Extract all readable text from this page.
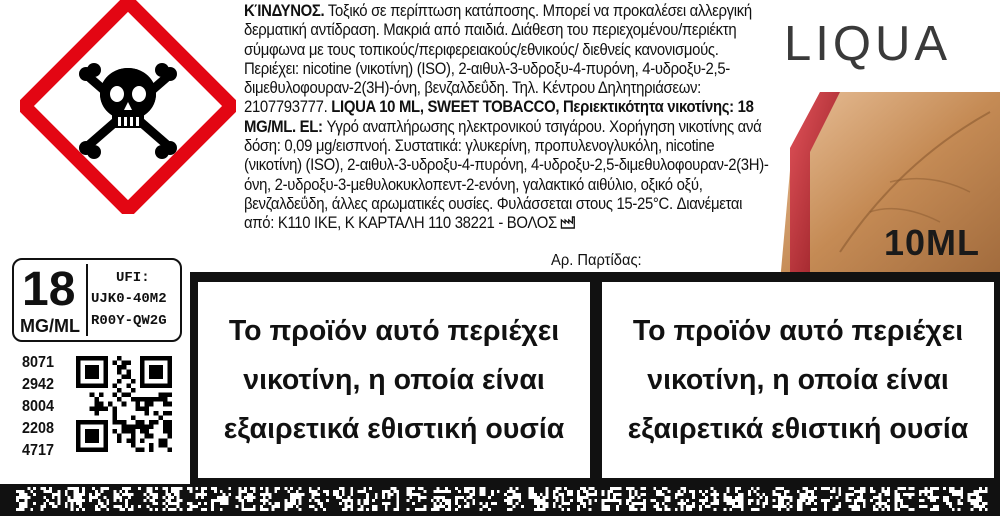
ΚΊΝΔΥΝΟΣ. Τοξικό σε περίπτωση κατάποσης. Μπορεί να προκαλέσει αλλεργική δερματική αντίδραση. Μακριά από παιδιά. Διάθεση του περιεχομένου/περιέκτη σύμφωνα με τους τοπικούς/περιφερειακούς/εθνικούς/ διεθνείς κανονισμούς. Περιέχει: nicotine (νικοτίνη) (ISO), 2-αιθυλ-3-υδροξυ-4-πυρόνη, 4-υδροξυ-2,5-διμεθυλοφουραν-2(3H)-όνη, βενζαλδεΰδη. Τηλ. Κέντρου Δηλητηριάσεων: 2107793777. LIQUA 10 ML, SWEET TOBACCO, Περιεκτικότητα νικοτίνης: 18 MG/ML. EL: Υγρό αναπλήρωσης ηλεκτρονικού τσιγάρου. Χορήγηση νικοτίνης ανά δόση: 0,09 μg/εισπνοή. Συστατικά: γλυκερίνη, προπυλενογλυκόλη, nicotine (νικοτίνη) (ISO), 2-αιθυλ-3-υδροξυ-4-πυρόνη, 4-υδροξυ-2,5-διμεθυλοφουραν-2(3H)-όνη, 2-υδροξυ-3-μεθυλοκυκλοπεντ-2-ενόνη, γαλακτικό αιθύλιο, οξικό οξύ, βενζαλδεΰδη, άλλες αρωματικές ουσίες. Φυλάσσεται στους 15-25°C. Διανέμεται από: K110 IKE, K ΚΑΡΤΑΛΗ 110 38221 - ΒΟΛΟΣ
Αρ. Παρτίδας:
LIQUA
10ML
18
MG/ML
UFI:
UJK0-40M2
R00Y-QW2G
8071
2942
8004
2208
4717
Το προϊόν αυτό περιέχει νικοτίνη, η οποία είναι εξαιρετικά εθιστική ουσία
Το προϊόν αυτό περιέχει νικοτίνη, η οποία είναι εξαιρετικά εθιστική ουσία
